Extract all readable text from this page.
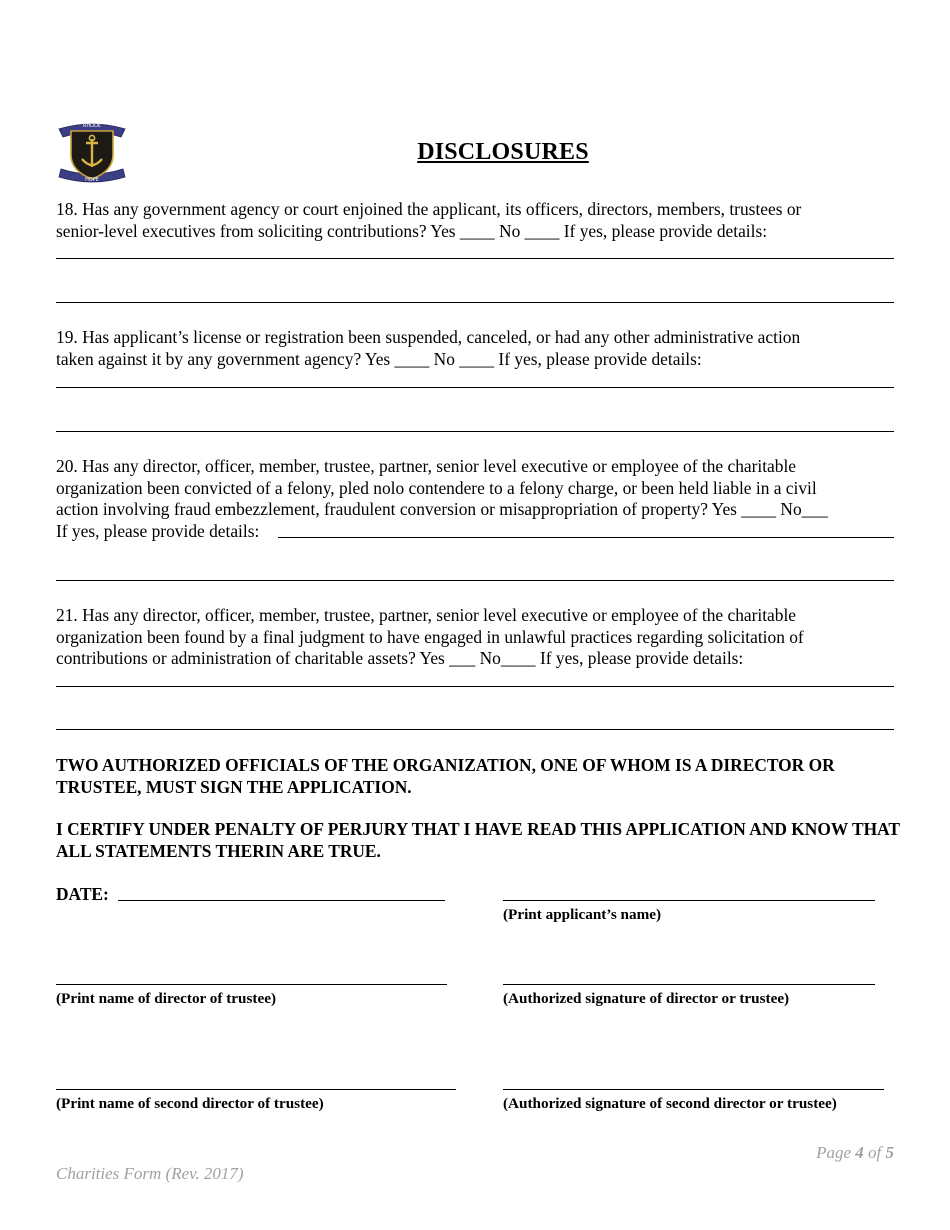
RHODE
HOPE
DISCLOSURES
18. Has any government agency or court enjoined the applicant, its officers, directors, members, trustees or
senior-level executives from soliciting contributions? Yes ____ No ____ If yes, please provide details:
19. Has applicant’s license or registration been suspended, canceled, or had any other administrative action
taken against it by any government agency? Yes ____ No ____ If yes, please provide details:
20. Has any director, officer, member, trustee, partner, senior level executive or employee of the charitable
organization been convicted of a felony, pled nolo contendere to a felony charge, or been held liable in a civil
action involving fraud embezzlement, fraudulent conversion or misappropriation of property? Yes ____ No___
If yes, please provide details:
21. Has any director, officer, member, trustee, partner, senior level executive or employee of the charitable
organization been found by a final judgment to have engaged in unlawful practices regarding solicitation of
contributions or administration of charitable assets? Yes ___ No____ If yes, please provide details:
TWO AUTHORIZED OFFICIALS OF THE ORGANIZATION, ONE OF WHOM IS A DIRECTOR OR TRUSTEE, MUST SIGN THE APPLICATION.
I CERTIFY UNDER PENALTY OF PERJURY THAT I HAVE READ THIS APPLICATION AND KNOW THAT ALL STATEMENTS THERIN ARE TRUE.
DATE:
(Print applicant’s name)
(Print name of director of trustee)	(Authorized signature of director or trustee)
(Print name of second director of trustee)	(Authorized signature of second director or trustee)
Page 4 of 5
Charities Form (Rev. 2017)
